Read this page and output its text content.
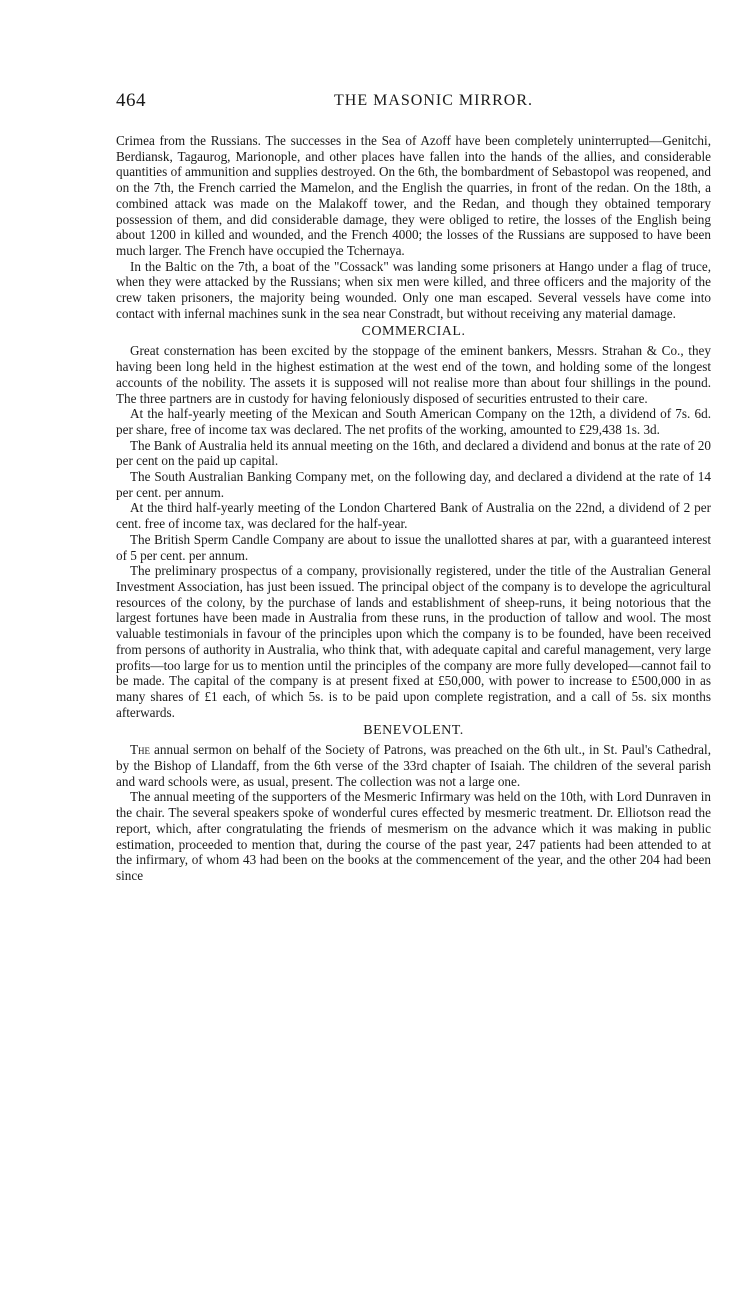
464	THE MASONIC MIRROR.

Crimea from the Russians. The successes in the Sea of Azoff have been completely uninterrupted—Genitchi, Berdiansk, Tagaurog, Marionople, and other places have fallen into the hands of the allies, and considerable quantities of ammunition and supplies destroyed. On the 6th, the bombardment of Sebastopol was reopened, and on the 7th, the French carried the Mamelon, and the English the quarries, in front of the redan. On the 18th, a combined attack was made on the Malakoff tower, and the Redan, and though they obtained temporary possession of them, and did considerable damage, they were obliged to retire, the losses of the English being about 1200 in killed and wounded, and the French 4000; the losses of the Russians are supposed to have been much larger. The French have occupied the Tchernaya.

In the Baltic on the 7th, a boat of the "Cossack" was landing some prisoners at Hango under a flag of truce, when they were attacked by the Russians; when six men were killed, and three officers and the majority of the crew taken prisoners, the majority being wounded. Only one man escaped. Several vessels have come into contact with infernal machines sunk in the sea near Constradt, but without receiving any material damage.

COMMERCIAL.

Great consternation has been excited by the stoppage of the eminent bankers, Messrs. Strahan & Co., they having been long held in the highest estimation at the west end of the town, and holding some of the longest accounts of the nobility. The assets it is supposed will not realise more than about four shillings in the pound. The three partners are in custody for having feloniously disposed of securities entrusted to their care.

At the half-yearly meeting of the Mexican and South American Company on the 12th, a dividend of 7s. 6d. per share, free of income tax was declared. The net profits of the working, amounted to £29,438 1s. 3d.

The Bank of Australia held its annual meeting on the 16th, and declared a dividend and bonus at the rate of 20 per cent on the paid up capital.

The South Australian Banking Company met, on the following day, and declared a dividend at the rate of 14 per cent. per annum.

At the third half-yearly meeting of the London Chartered Bank of Australia on the 22nd, a dividend of 2 per cent. free of income tax, was declared for the half-year.

The British Sperm Candle Company are about to issue the unallotted shares at par, with a guaranteed interest of 5 per cent. per annum.

The preliminary prospectus of a company, provisionally registered, under the title of the Australian General Investment Association, has just been issued. The principal object of the company is to develope the agricultural resources of the colony, by the purchase of lands and establishment of sheep-runs, it being notorious that the largest fortunes have been made in Australia from these runs, in the production of tallow and wool. The most valuable testimonials in favour of the principles upon which the company is to be founded, have been received from persons of authority in Australia, who think that, with adequate capital and careful management, very large profits—too large for us to mention until the principles of the company are more fully developed—cannot fail to be made. The capital of the company is at present fixed at £50,000, with power to increase to £500,000 in as many shares of £1 each, of which 5s. is to be paid upon complete registration, and a call of 5s. six months afterwards.

BENEVOLENT.

The annual sermon on behalf of the Society of Patrons, was preached on the 6th ult., in St. Paul's Cathedral, by the Bishop of Llandaff, from the 6th verse of the 33rd chapter of Isaiah. The children of the several parish and ward schools were, as usual, present. The collection was not a large one.

The annual meeting of the supporters of the Mesmeric Infirmary was held on the 10th, with Lord Dunraven in the chair. The several speakers spoke of wonderful cures effected by mesmeric treatment. Dr. Elliotson read the report, which, after congratulating the friends of mesmerism on the advance which it was making in public estimation, proceeded to mention that, during the course of the past year, 247 patients had been attended to at the infirmary, of whom 43 had been on the books at the commencement of the year, and the other 204 had been since
